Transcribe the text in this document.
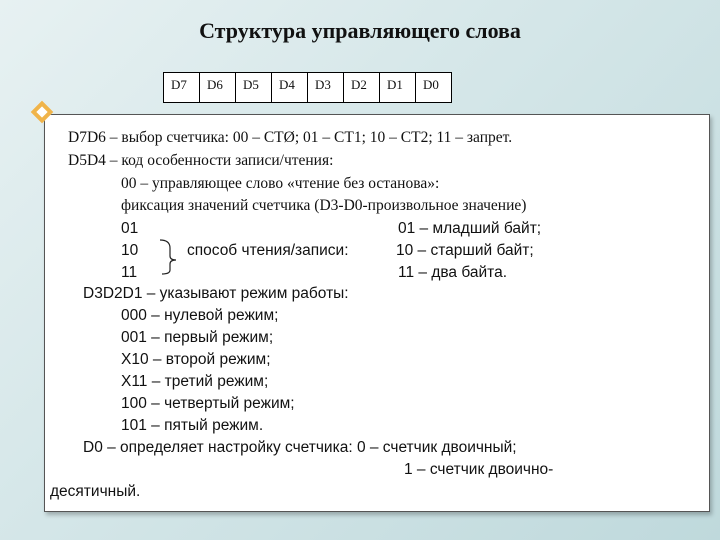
Структура управляющего слова
D7	D6	D5	D4	D3	D2	D1	D0
D7D6 – выбор счетчика: 00 – СТØ; 01 – СТ1; 10 – СТ2; 11 – запрет.
D5D4 – код особенности записи/чтения:
00 – управляющее слово «чтение без останова»:
фиксация значений счетчика (D3-D0-произвольное значение)
01	01 – младший байт;
10	способ чтения/записи:	10 – старший байт;
11	11 – два байта.
D3D2D1 – указывают режим работы:
000 – нулевой режим;
001 – первый режим;
X10 – второй режим;
X11 – третий режим;
100 – четвертый режим;
101 – пятый режим.
D0 – определяет настройку счетчика: 0 – счетчик двоичный;
1 – счетчик двоично-
десятичный.
